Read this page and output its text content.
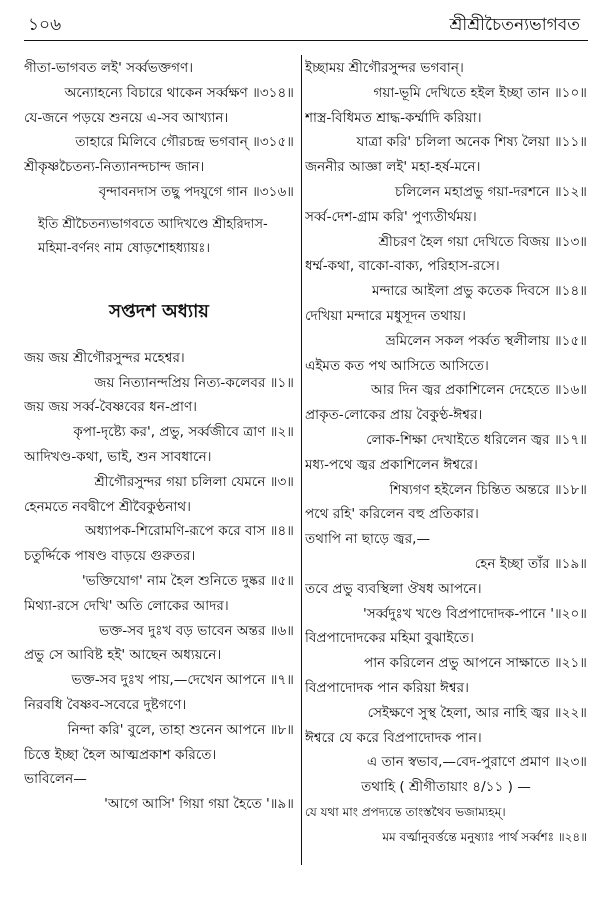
১০৬	শ্রীশ্রীচৈতন্যভাগবত
গীতা-ভাগবত লই' সর্ব্বভক্তগণ।
অন্যোহন্যে বিচারে থাকেন সর্ব্বক্ষণ ॥৩১৪॥
যে-জনে পড়য়ে শুনয়ে এ-সব আখ্যান।
তাহারে মিলিবে গৌরচন্দ্র ভগবান্ ॥৩১৫॥
শ্রীকৃষ্ণচৈতন্য-নিত্যানন্দচান্দ জান।
বৃন্দাবনদাস তছু পদযুগে গান ॥৩১৬॥
ইতি শ্রীচৈতন্যভাগবতে আদিখণ্ডে শ্রীহরিদাস-মহিমা-বর্ণনং নাম ষোড়শোহধ্যায়ঃ।
সপ্তদশ অধ্যায়
জয় জয় শ্রীগৌরসুন্দর মহেশ্বর।
জয় নিত্যানন্দপ্রিয় নিত্য-কলেবর ॥১॥
জয় জয় সর্ব্ব-বৈষ্ণবের ধন-প্রাণ।
কৃপা-দৃষ্ট্যে কর', প্রভু, সর্ব্বজীবে ত্রাণ ॥২॥
আদিখণ্ড-কথা, ভাই, শুন সাবধানে।
শ্রীগৌরসুন্দর গয়া চলিলা যেমনে ॥৩॥
হেনমতে নবদ্বীপে শ্রীবৈকুণ্ঠনাথ।
অধ্যাপক-শিরোমণি-রূপে করে বাস ॥৪॥
চতুর্দ্দিকে পাষণ্ড বাড়য়ে গুরুতর।
'ভক্তিযোগ' নাম হৈল শুনিতে দুষ্কর ॥৫॥
মিথ্যা-রসে দেখি' অতি লোকের আদর।
ভক্ত-সব দুঃখ বড় ভাবেন অন্তর ॥৬॥
প্রভু সে আবিষ্ট হই' আছেন অধ্যয়নে।
ভক্ত-সব দুঃখ পায়,—দেখেন আপনে ॥৭॥
নিরবধি বৈষ্ণব-সবেরে দুষ্টগণে।
নিন্দা করি' বুলে, তাহা শুনেন আপনে ॥৮॥
চিত্তে ইচ্ছা হৈল আত্মপ্রকাশ করিতে।
ভাবিলেন—
'আগে আসি' গিয়া গয়া হৈতে '॥৯॥
ইচ্ছাময় শ্রীগৌরসুন্দর ভগবান্।
গয়া-ভূমি দেখিতে হইল ইচ্ছা তান ॥১০॥
শাস্ত্র-বিধিমত শ্রাদ্ধ-কর্ম্মাদি করিয়া।
যাত্রা করি' চলিলা অনেক শিষ্য লৈয়া ॥১১॥
জননীর আজ্ঞা লই' মহা-হর্ষ-মনে।
চলিলেন মহাপ্রভু গয়া-দরশনে ॥১২॥
সর্ব্ব-দেশ-গ্রাম করি' পুণ্যতীর্থময়।
শ্রীচরণ হৈল গয়া দেখিতে বিজয় ॥১৩॥
ধর্ম্ম-কথা, বাকো-বাক্য, পরিহাস-রসে।
মন্দারে আইলা প্রভু কতেক দিবসে ॥১৪॥
দেখিয়া মন্দারে মধুসূদন তথায়।
ভ্রমিলেন সকল পর্ব্বত স্থলীলায় ॥১৫॥
এইমত কত পথ আসিতে আসিতে।
আর দিন জ্বর প্রকাশিলেন দেহেতে ॥১৬॥
প্রাকৃত-লোকের প্রায় বৈকুণ্ঠ-ঈশ্বর।
লোক-শিক্ষা দেখাইতে ধরিলেন জ্বর ॥১৭॥
মধ্য-পথে জ্বর প্রকাশিলেন ঈশ্বরে।
শিষ্যগণ হইলেন চিন্তিত অন্তরে ॥১৮॥
পথে রহি' করিলেন বহু প্রতিকার।
তথাপি না ছাড়ে জ্বর,—
হেন ইচ্ছা তাঁর ॥১৯॥
তবে প্রভু ব্যবস্থিলা ঔষধ আপনে।
'সর্ব্বদুঃখ খণ্ডে বিপ্রপাদোদক-পানে '॥২০॥
বিপ্রপাদোদকের মহিমা বুঝাইতে।
পান করিলেন প্রভু আপনে সাক্ষাতে ॥২১॥
বিপ্রপাদোদক পান করিয়া ঈশ্বর।
সেইক্ষণে সুস্থ হৈলা, আর নাহি জ্বর ॥২২॥
ঈশ্বরে যে করে বিপ্রপাদোদক পান।
এ তান স্বভাব,—বেদ-পুরাণে প্রমাণ ॥২৩॥
তথাহি ( শ্রীগীতায়াং ৪/১১ ) —
যে যথা মাং প্রপদ্যন্তে তাংস্তথৈব ভজাম্যহম্।
মম বর্ত্মানুবর্ত্তন্তে মনুষ্যাঃ পার্থ সর্ব্বশঃ ॥২৪॥
